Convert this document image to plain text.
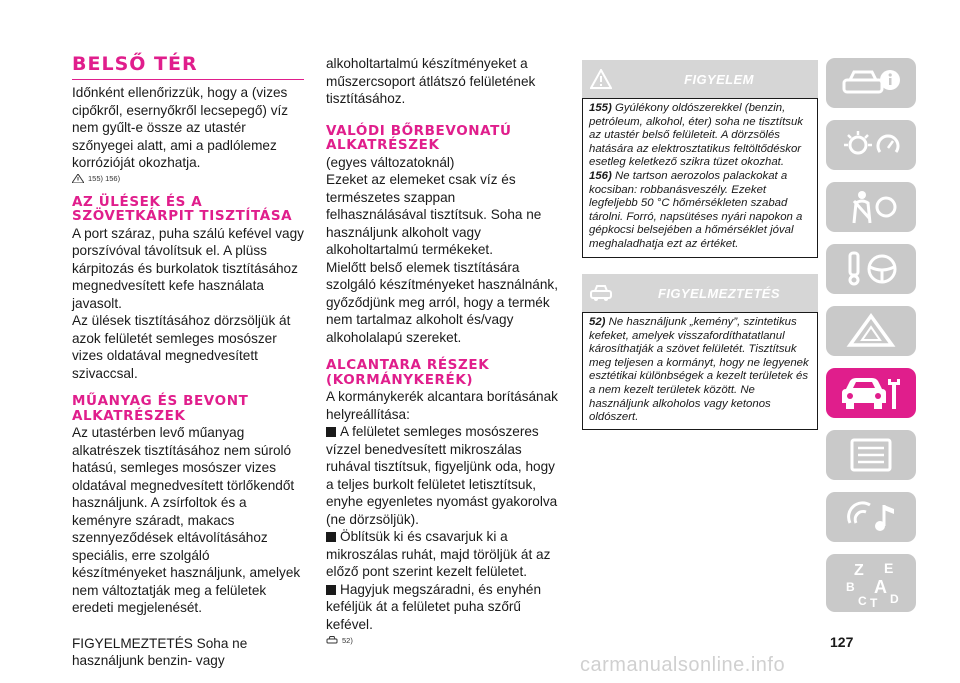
BELSŐ TÉR
Időnként ellenőrizzük, hogy a (vizes cipőkről, esernyőkről lecsepegő) víz nem gyűlt-e össze az utastér szőnyegei alatt, ami a padlólemez korrózióját okozhatja.
155) 156)
AZ ÜLÉSEK ÉS A SZÖVETKÁRPIT TISZTÍTÁSA
A port száraz, puha szálú kefével vagy porszívóval távolítsuk el. A plüss kárpitozás és burkolatok tisztításához megnedvesített kefe használata javasolt.
Az ülések tisztításához dörzsöljük át azok felületét semleges mosószer vizes oldatával megnedvesített szivaccsal.
MŰANYAG ÉS BEVONT ALKATRÉSZEK
Az utastérben levő műanyag alkatrészek tisztításához nem súroló hatású, semleges mosószer vizes oldatával megnedvesített törlőkendőt használjunk. A zsírfoltok és a keményre száradt, makacs szennyeződések eltávolításához speciális, erre szolgáló készítményeket használjunk, amelyek nem változtatják meg a felületek eredeti megjelenését.
FIGYELMEZTETÉS Soha ne használjunk benzin- vagy
alkoholtartalmú készítményeket a műszercsoport átlátszó felületének tisztításához.
VALÓDI BŐRBEVONATÚ ALKATRÉSZEK
(egyes változatoknál)
Ezeket az elemeket csak víz és természetes szappan felhasználásával tisztítsuk. Soha ne használjunk alkoholt vagy alkoholtartalmú termékeket.
Mielőtt belső elemek tisztítására szolgáló készítményeket használnánk, győződjünk meg arról, hogy a termék nem tartalmaz alkoholt és/vagy alkoholalapú szereket.
ALCANTARA RÉSZEK (KORMÁNYKERÉK)
A kormánykerék alcantara borításának helyreállítása:
A felületet semleges mosószeres vízzel benedvesített mikroszálas ruhával tisztítsuk, figyeljünk oda, hogy a teljes burkolt felületet letisztítsuk, enyhe egyenletes nyomást gyakorolva (ne dörzsöljük).
Öblítsük ki és csavarjuk ki a mikroszálas ruhát, majd töröljük át az előző pont szerint kezelt felületet.
Hagyjuk megszáradni, és enyhén keféljük át a felületet puha szőrű kefével.
52)
FIGYELEM
155) Gyúlékony oldószerekkel (benzin, petróleum, alkohol, éter) soha ne tisztítsuk az utastér belső felületeit. A dörzsölés hatására az elektrosztatikus feltöltődéskor esetleg keletkező szikra tüzet okozhat.
156) Ne tartson aerozolos palackokat a kocsiban: robbanásveszély. Ezeket legfeljebb 50 °C hőmérsékleten szabad tárolni. Forró, napsütéses nyári napokon a gépkocsi belsejében a hőmérséklet jóval meghaladhatja ezt az értéket.
FIGYELMEZTETÉS
52) Ne használjunk „kemény”, szintetikus kefeket, amelyek visszafordíthatatlanul károsíthatják a szövet felületét. Tisztítsuk meg teljesen a kormányt, hogy ne legyenek esztétikai különbségek a kezelt területek és a nem kezelt területek között. Ne használjunk alkoholos vagy ketonos oldószert.
Z E
B A
C T D
127
carmanualsonline.info
